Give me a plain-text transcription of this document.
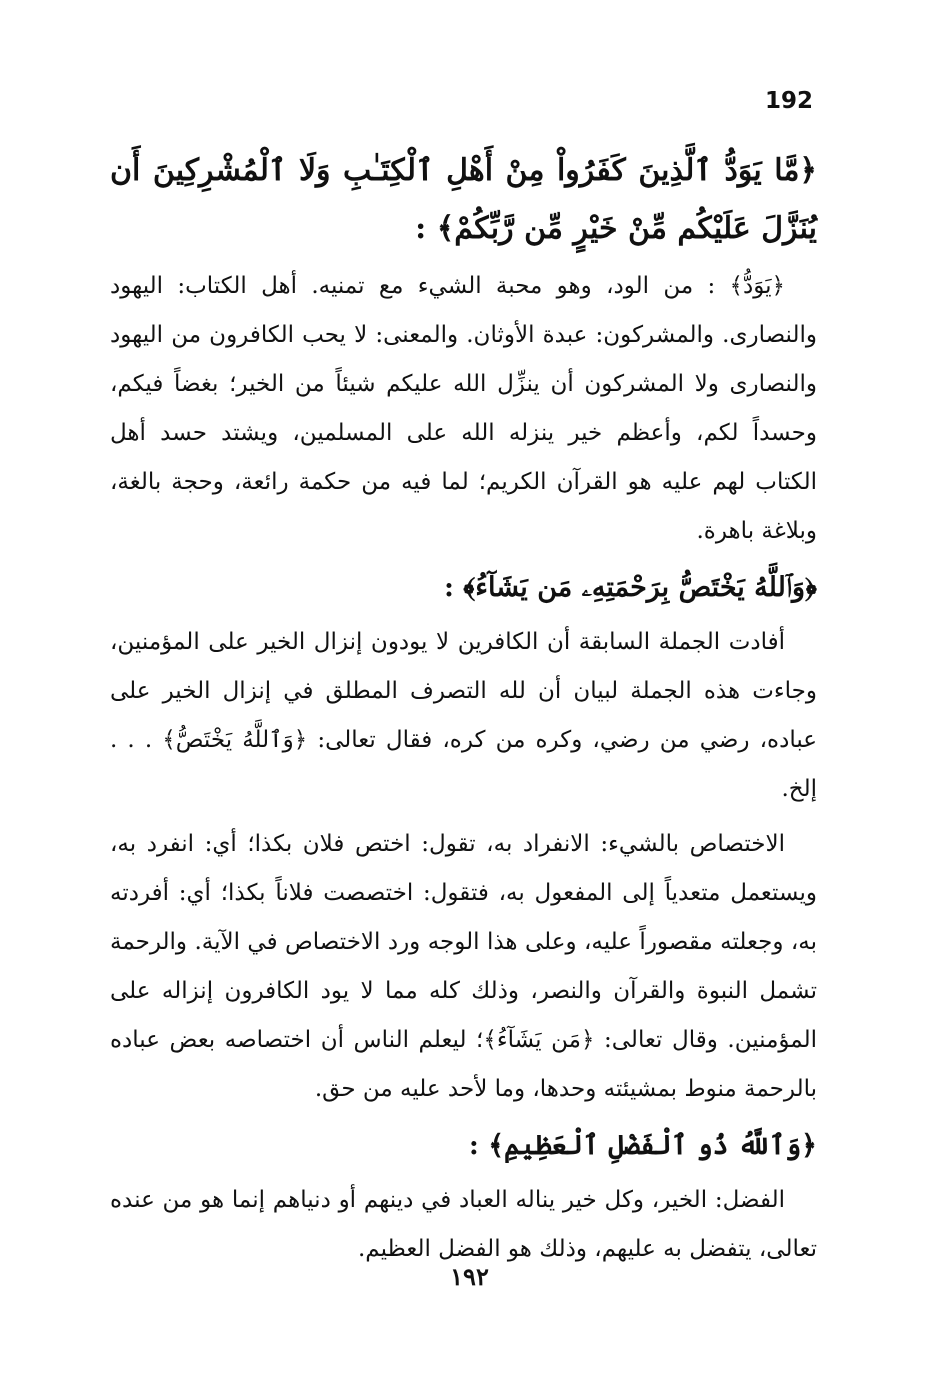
192
﴿مَّا يَوَدُّ ٱلَّذِينَ كَفَرُواْ مِنْ أَهْلِ ٱلْكِتَـٰبِ وَلَا ٱلْمُشْرِكِينَ أَن يُنَزَّلَ عَلَيْكُم مِّنْ خَيْرٍ مِّن رَّبِّكُمْ﴾ :

﴿يَوَدُّ﴾ : من الود، وهو محبة الشيء مع تمنيه. أهل الكتاب: اليهود والنصارى. والمشركون: عبدة الأوثان. والمعنى: لا يحب الكافرون من اليهود والنصارى ولا المشركون أن ينزِّل الله عليكم شيئاً من الخير؛ بغضاً فيكم، وحسداً لكم، وأعظم خير ينزله الله على المسلمين، ويشتد حسد أهل الكتاب لهم عليه هو القرآن الكريم؛ لما فيه من حكمة رائعة، وحجة بالغة، وبلاغة باهرة.

﴿وَٱللَّهُ يَخْتَصُّ بِرَحْمَتِهِۦ مَن يَشَآءُ﴾ :

أفادت الجملة السابقة أن الكافرين لا يودون إنزال الخير على المؤمنين، وجاءت هذه الجملة لبيان أن لله التصرف المطلق في إنزال الخير على عباده، رضي من رضي، وكره من كره، فقال تعالى: ﴿وَٱللَّهُ يَخْتَصُّ﴾ . . . إلخ.

الاختصاص بالشيء: الانفراد به، تقول: اختص فلان بكذا؛ أي: انفرد به، ويستعمل متعدياً إلى المفعول به، فتقول: اختصصت فلاناً بكذا؛ أي: أفردته به، وجعلته مقصوراً عليه، وعلى هذا الوجه ورد الاختصاص في الآية. والرحمة تشمل النبوة والقرآن والنصر، وذلك كله مما لا يود الكافرون إنزاله على المؤمنين. وقال تعالى: ﴿مَن يَشَآءُ﴾؛ ليعلم الناس أن اختصاصه بعض عباده بالرحمة منوط بمشيئته وحدها، وما لأحد عليه من حق.

﴿وَٱللَّهُ ذُو ٱلْفَضْلِ ٱلْعَظِيمِ﴾ :

الفضل: الخير، وكل خير يناله العباد في دينهم أو دنياهم إنما هو من عنده تعالى، يتفضل به عليهم، وذلك هو الفضل العظيم.

١٩٢
